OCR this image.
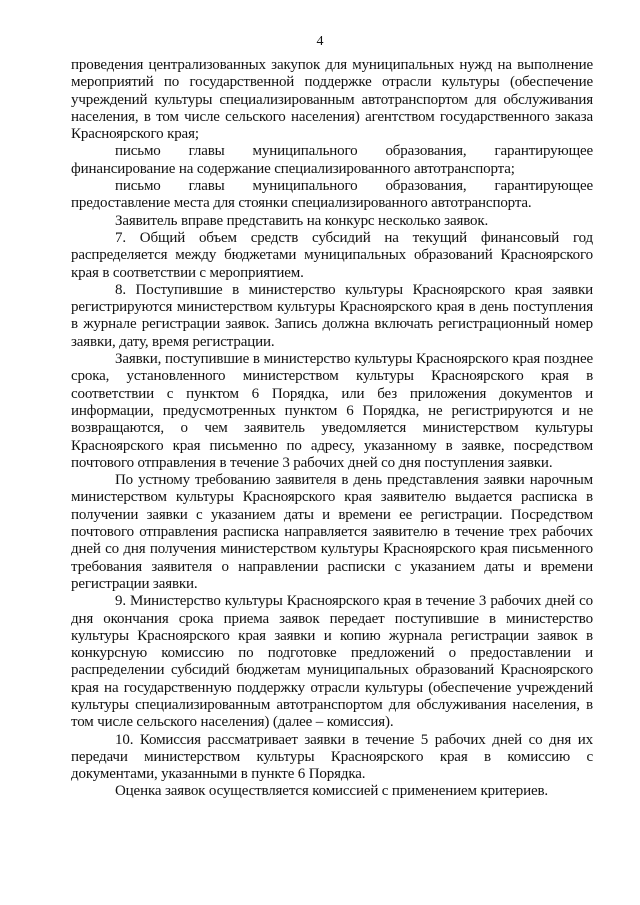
4

проведения централизованных закупок для муниципальных нужд на выполнение мероприятий по государственной поддержке отрасли культуры (обеспечение учреждений культуры специализированным автотранспортом для обслуживания населения, в том числе сельского населения) агентством государственного заказа Красноярского края;

письмо главы муниципального образования, гарантирующее финансирование на содержание специализированного автотранспорта;

письмо главы муниципального образования, гарантирующее предоставление места для стоянки специализированного автотранспорта.

Заявитель вправе представить на конкурс несколько заявок.

7. Общий объем средств субсидий на текущий финансовый год распределяется между бюджетами муниципальных образований Красноярского края в соответствии с мероприятием.

8. Поступившие в министерство культуры Красноярского края заявки регистрируются министерством культуры Красноярского края в день поступления в журнале регистрации заявок. Запись должна включать регистрационный номер заявки, дату, время регистрации.

Заявки, поступившие в министерство культуры Красноярского края позднее срока, установленного министерством культуры Красноярского края в соответствии с пунктом 6 Порядка, или без приложения документов и информации, предусмотренных пунктом 6 Порядка, не регистрируются и не возвращаются, о чем заявитель уведомляется министерством культуры Красноярского края письменно по адресу, указанному в заявке, посредством почтового отправления в течение 3 рабочих дней со дня поступления заявки.

По устному требованию заявителя в день представления заявки нарочным министерством культуры Красноярского края заявителю выдается расписка в получении заявки с указанием даты и времени ее регистрации. Посредством почтового отправления расписка направляется заявителю в течение трех рабочих дней со дня получения министерством культуры Красноярского края письменного требования заявителя о направлении расписки с указанием даты и времени регистрации заявки.

9. Министерство культуры Красноярского края в течение 3 рабочих дней со дня окончания срока приема заявок передает поступившие в министерство культуры Красноярского края заявки и копию журнала регистрации заявок в конкурсную комиссию по подготовке предложений о предоставлении и распределении субсидий бюджетам муниципальных образований Красноярского края на государственную поддержку отрасли культуры (обеспечение учреждений культуры специализированным автотранспортом для обслуживания населения, в том числе сельского населения) (далее – комиссия).

10. Комиссия рассматривает заявки в течение 5 рабочих дней со дня их передачи министерством культуры Красноярского края в комиссию с документами, указанными в пункте 6 Порядка.

Оценка заявок осуществляется комиссией с применением критериев.
